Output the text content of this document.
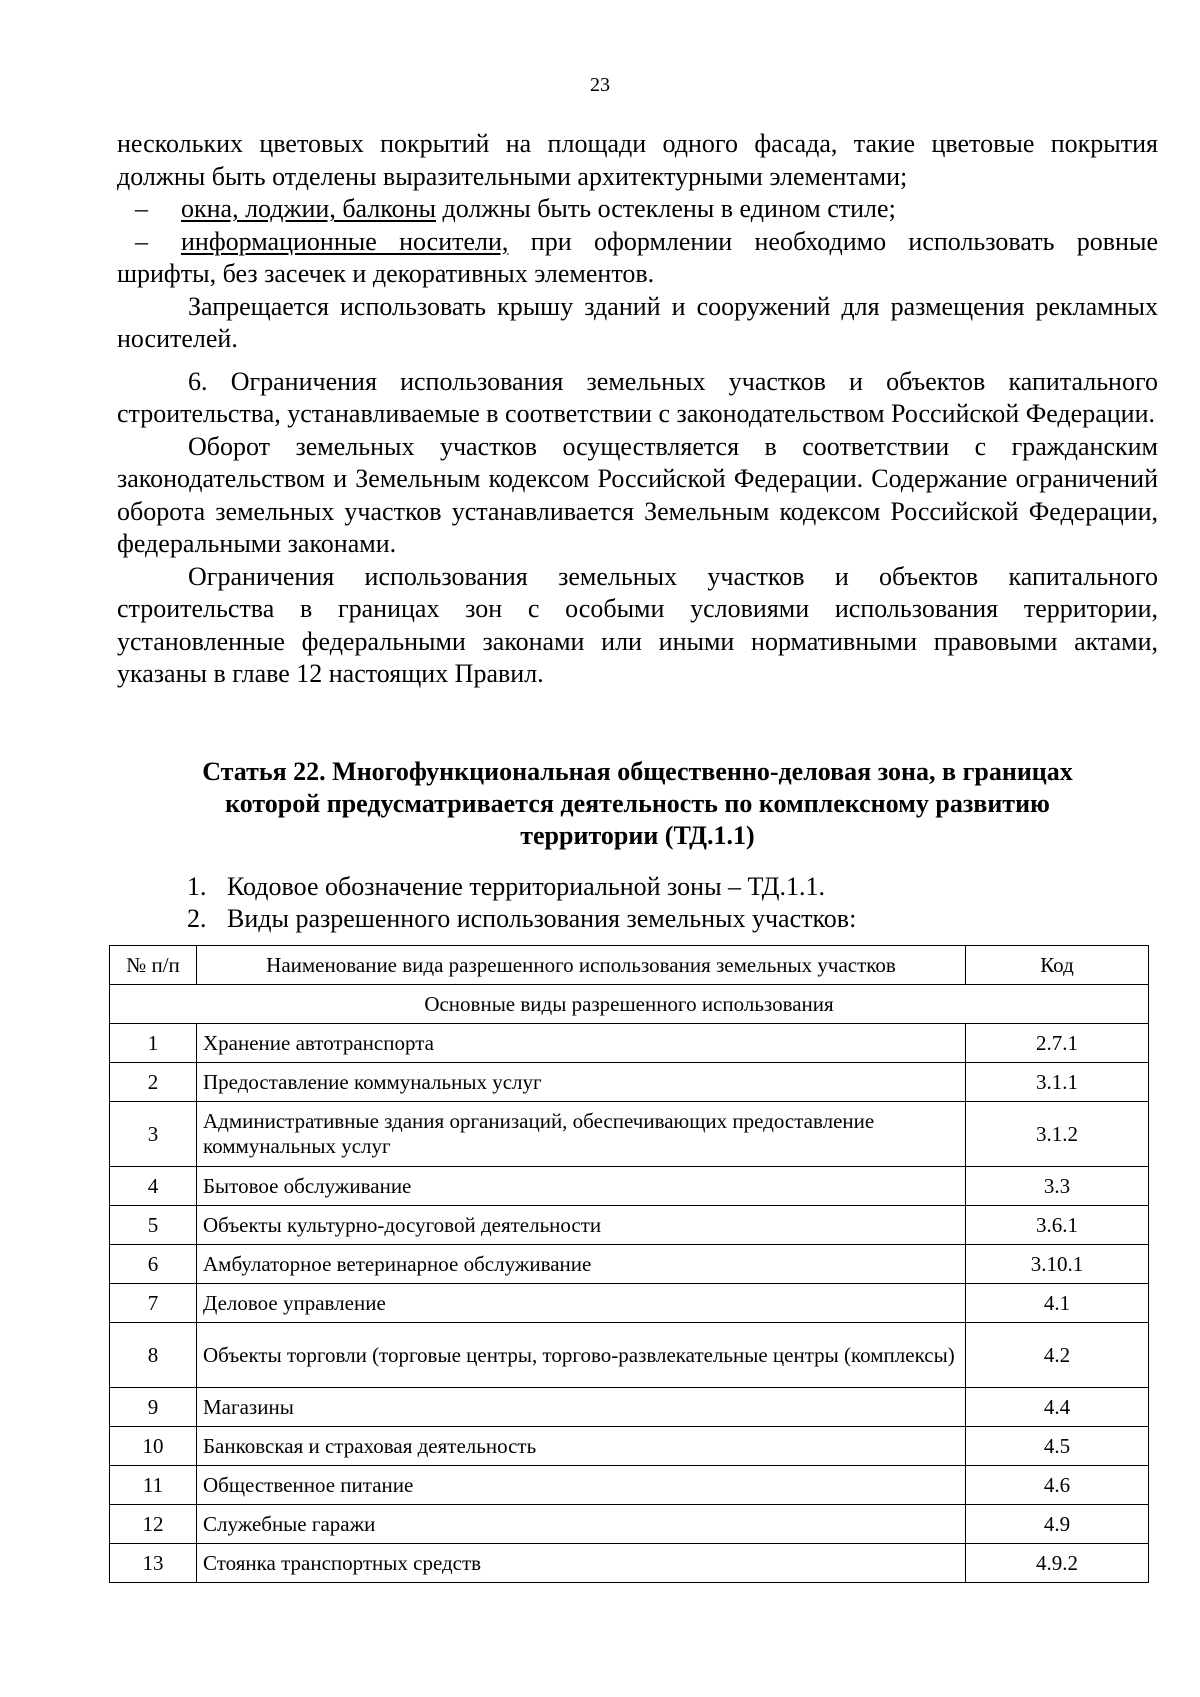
23

нескольких цветовых покрытий на площади одного фасада, такие цветовые покрытия должны быть отделены выразительными архитектурными элементами;

– окна, лоджии, балконы должны быть остеклены в едином стиле;

– информационные носители, при оформлении необходимо использовать ровные шрифты, без засечек и декоративных элементов.

Запрещается использовать крышу зданий и сооружений для размещения рекламных носителей.

6. Ограничения использования земельных участков и объектов капитального строительства, устанавливаемые в соответствии с законодательством Российской Федерации.

Оборот земельных участков осуществляется в соответствии с гражданским законодательством и Земельным кодексом Российской Федерации. Содержание ограничений оборота земельных участков устанавливается Земельным кодексом Российской Федерации, федеральными законами.

Ограничения использования земельных участков и объектов капитального строительства в границах зон с особыми условиями использования территории, установленные федеральными законами или иными нормативными правовыми актами, указаны в главе 12 настоящих Правил.

Статья 22. Многофункциональная общественно-деловая зона, в границах
которой предусматривается деятельность по комплексному развитию
территории (ТД.1.1)
1. Кодовое обозначение территориальной зоны – ТД.1.1.
2. Виды разрешенного использования земельных участков:
№ п/п	Наименование вида разрешенного использования земельных участков	Код
Основные виды разрешенного использования		
1	Хранение автотранспорта	2.7.1
2	Предоставление коммунальных услуг	3.1.1
3	Административные здания организаций, обеспечивающих предоставление коммунальных услуг	3.1.2
4	Бытовое обслуживание	3.3
5	Объекты культурно-досуговой деятельности	3.6.1
6	Амбулаторное ветеринарное обслуживание	3.10.1
7	Деловое управление	4.1
8	Объекты торговли (торговые центры, торгово-развлекательные центры (комплексы)	4.2
9	Магазины	4.4
10	Банковская и страховая деятельность	4.5
11	Общественное питание	4.6
12	Служебные гаражи	4.9
13	Стоянка транспортных средств	4.9.2
